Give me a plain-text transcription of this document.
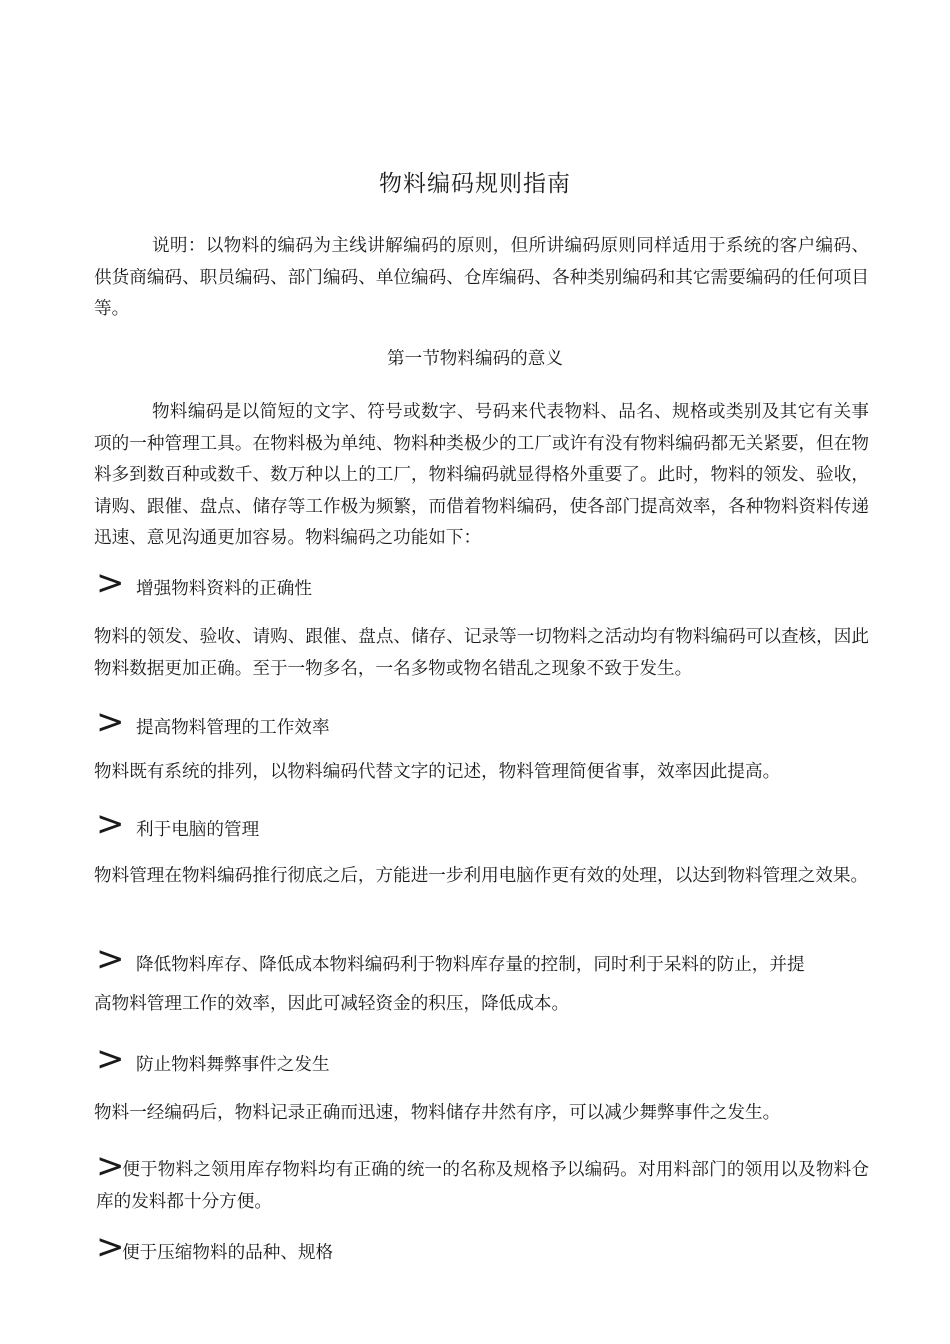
物料编码规则指南
说明：以物料的编码为主线讲解编码的原则，但所讲编码原则同样适用于系统的客户编码、供货商编码、职员编码、部门编码、单位编码、仓库编码、各种类别编码和其它需要编码的任何项目等。
第一节物料编码的意义
物料编码是以简短的文字、符号或数字、号码来代表物料、品名、规格或类别及其它有关事项的一种管理工具。在物料极为单纯、物料种类极少的工厂或许有没有物料编码都无关紧要，但在物料多到数百种或数千、数万种以上的工厂，物料编码就显得格外重要了。此时，物料的领发、验收，请购、跟催、盘点、储存等工作极为频繁，而借着物料编码，使各部门提高效率，各种物料资料传递迅速、意见沟通更加容易。物料编码之功能如下：
> 增强物料资料的正确性
物料的领发、验收、请购、跟催、盘点、储存、记录等一切物料之活动均有物料编码可以查核，因此物料数据更加正确。至于一物多名，一名多物或物名错乱之现象不致于发生。
> 提高物料管理的工作效率
物料既有系统的排列，以物料编码代替文字的记述，物料管理简便省事，效率因此提高。
> 利于电脑的管理
物料管理在物料编码推行彻底之后，方能进一步利用电脑作更有效的处理，以达到物料管理之效果。
> 降低物料库存、降低成本物料编码利于物料库存量的控制，同时利于呆料的防止，并提
高物料管理工作的效率，因此可减轻资金的积压，降低成本。
> 防止物料舞弊事件之发生
物料一经编码后，物料记录正确而迅速，物料储存井然有序，可以减少舞弊事件之发生。
>便于物料之领用库存物料均有正确的统一的名称及规格予以编码。对用料部门的领用以及物料仓库的发料都十分方便。
>
便于压缩物料的品种、规格
